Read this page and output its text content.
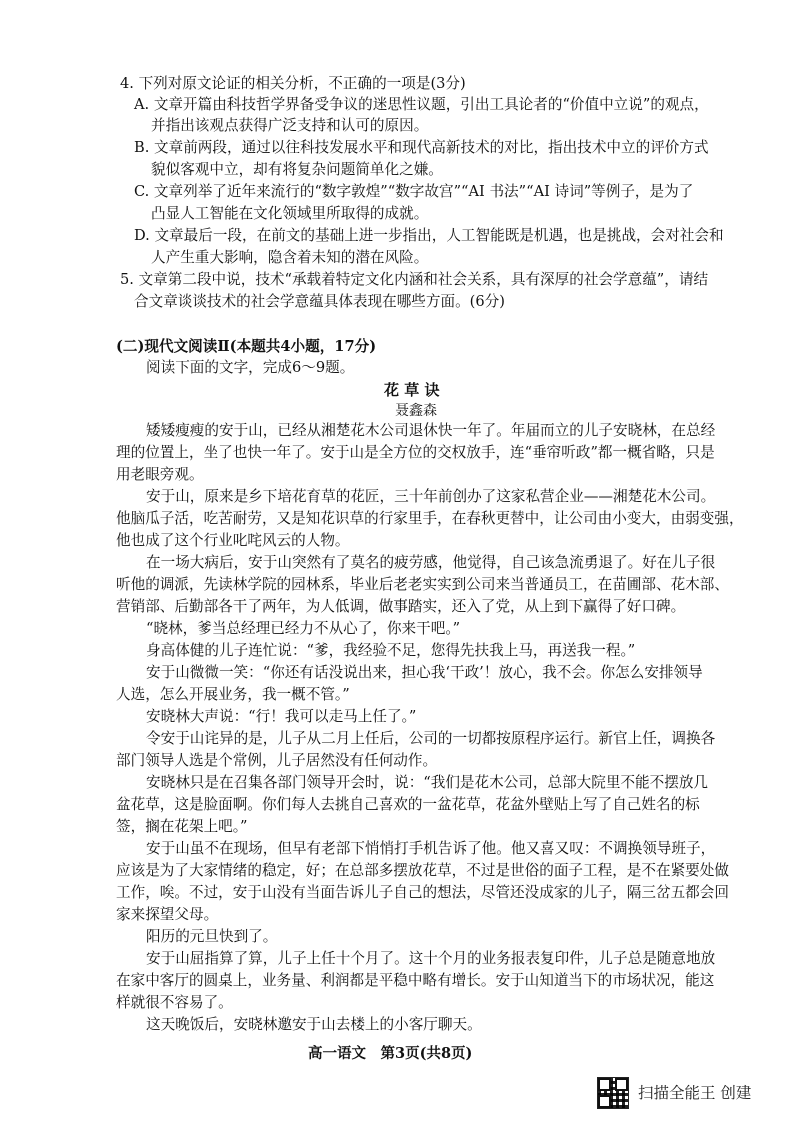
4. 下列对原文论证的相关分析，不正确的一项是(3分)
A. 文章开篇由科技哲学界备受争议的迷思性议题，引出工具论者的“价值中立说”的观点，
并指出该观点获得广泛支持和认可的原因。
B. 文章前两段，通过以往科技发展水平和现代高新技术的对比，指出技术中立的评价方式
貌似客观中立，却有将复杂问题简单化之嫌。
C. 文章列举了近年来流行的“数字敦煌”“数字故宫”“AI 书法”“AI 诗词”等例子，是为了
凸显人工智能在文化领域里所取得的成就。
D. 文章最后一段，在前文的基础上进一步指出，人工智能既是机遇，也是挑战，会对社会和
人产生重大影响，隐含着未知的潜在风险。
5. 文章第二段中说，技术“承载着特定文化内涵和社会关系，具有深厚的社会学意蕴”，请结
合文章谈谈技术的社会学意蕴具体表现在哪些方面。(6分)
(二)现代文阅读Ⅱ(本题共4小题，17分)
阅读下面的文字，完成6～9题。
花 草 诀
聂鑫森
矮矮瘦瘦的安于山，已经从湘楚花木公司退休快一年了。年届而立的儿子安晓林，在总经
理的位置上，坐了也快一年了。安于山是全方位的交权放手，连“垂帘听政”都一概省略，只是
用老眼旁观。
安于山，原来是乡下培花育草的花匠，三十年前创办了这家私营企业——湘楚花木公司。
他脑瓜子活，吃苦耐劳，又是知花识草的行家里手，在春秋更替中，让公司由小变大，由弱变强，
他也成了这个行业叱咤风云的人物。
在一场大病后，安于山突然有了莫名的疲劳感，他觉得，自己该急流勇退了。好在儿子很
听他的调派，先读林学院的园林系，毕业后老老实实到公司来当普通员工，在苗圃部、花木部、
营销部、后勤部各干了两年，为人低调，做事踏实，还入了党，从上到下赢得了好口碑。
“晓林，爹当总经理已经力不从心了，你来干吧。”
身高体健的儿子连忙说：“爹，我经验不足，您得先扶我上马，再送我一程。”
安于山微微一笑：“你还有话没说出来，担心我‘干政’！放心，我不会。你怎么安排领导
人选，怎么开展业务，我一概不管。”
安晓林大声说：“行！我可以走马上任了。”
令安于山诧异的是，儿子从二月上任后，公司的一切都按原程序运行。新官上任，调换各
部门领导人选是个常例，儿子居然没有任何动作。
安晓林只是在召集各部门领导开会时，说：“我们是花木公司，总部大院里不能不摆放几
盆花草，这是脸面啊。你们每人去挑自己喜欢的一盆花草，花盆外壁贴上写了自己姓名的标
签，搁在花架上吧。”
安于山虽不在现场，但早有老部下悄悄打手机告诉了他。他又喜又叹：不调换领导班子，
应该是为了大家情绪的稳定，好；在总部多摆放花草，不过是世俗的面子工程，是不在紧要处做
工作，唉。不过，安于山没有当面告诉儿子自己的想法，尽管还没成家的儿子，隔三岔五都会回
家来探望父母。
阳历的元旦快到了。
安于山屈指算了算，儿子上任十个月了。这十个月的业务报表复印件，儿子总是随意地放
在家中客厅的圆桌上，业务量、利润都是平稳中略有增长。安于山知道当下的市场状况，能这
样就很不容易了。
这天晚饭后，安晓林邀安于山去楼上的小客厅聊天。
高一语文　第3页(共8页)
扫描全能王 创建
